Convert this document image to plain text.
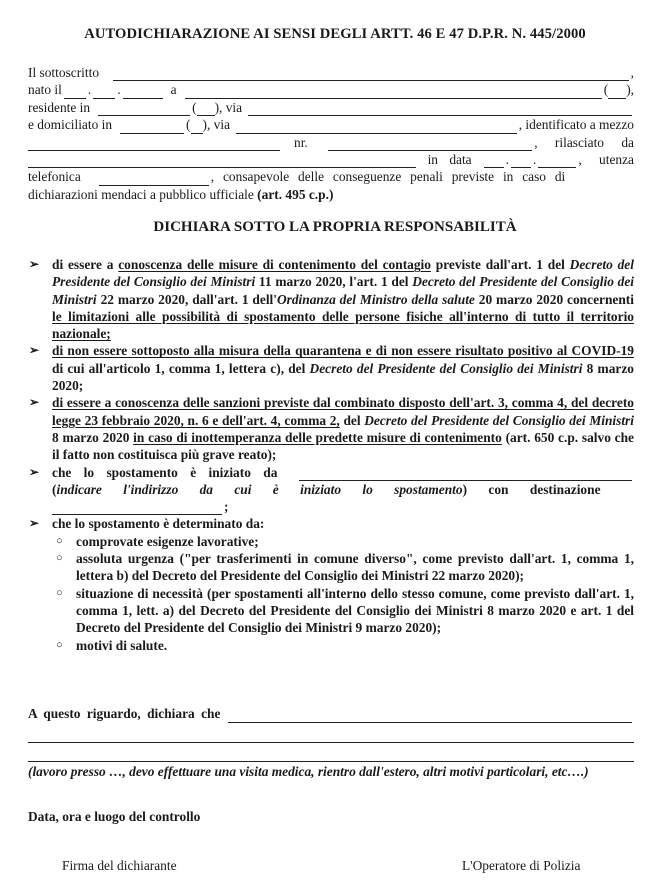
AUTODICHIARAZIONE AI SENSI DEGLI ARTT. 46 E 47 D.P.R. N. 445/2000
Il sottoscritto	,
nato il . .	a	( ),
residente in	( ), via
e domiciliato in	( ), via	, identificato a mezzo
nr.	, rilasciato da
in data	. .	, utenza
telefonica	, consapevole delle conseguenze penali previste in caso di
dichiarazioni mendaci a pubblico ufficiale
(art. 495 c.p.)
DICHIARA SOTTO LA PROPRIA RESPONSABILITÀ
➢ di essere a conoscenza delle misure di contenimento del contagio previste dall'art. 1 del Decreto del Presidente del Consiglio dei Ministri 11 marzo 2020, l'art. 1 del Decreto del Presidente del Consiglio dei Ministri 22 marzo 2020, dall'art. 1 dell'Ordinanza del Ministro della salute 20 marzo 2020 concernenti le limitazioni alle possibilità di spostamento delle persone fisiche all'interno di tutto il territorio nazionale;
➢ di non essere sottoposto alla misura della quarantena e di non essere risultato positivo al COVID-19 di cui all'articolo 1, comma 1, lettera c), del Decreto del Presidente del Consiglio dei Ministri 8 marzo 2020;
➢ di essere a conoscenza delle sanzioni previste dal combinato disposto dell'art. 3, comma 4, del decreto legge 23 febbraio 2020, n. 6 e dell'art. 4, comma 2, del Decreto del Presidente del Consiglio dei Ministri 8 marzo 2020 in caso di inottemperanza delle predette misure di contenimento (art. 650 c.p. salvo che il fatto non costituisca più grave reato);
➢ che lo spostamento è iniziato da
(indicare l'indirizzo da cui è iniziato lo spostamento) con destinazione
;
➢ che lo spostamento è determinato da:
○ comprovate esigenze lavorative;
○ assoluta urgenza ("per trasferimenti in comune diverso", come previsto dall'art. 1, comma 1, lettera b) del Decreto del Presidente del Consiglio dei Ministri 22 marzo 2020);
○ situazione di necessità (per spostamenti all'interno dello stesso comune, come previsto dall'art. 1, comma 1, lett. a) del Decreto del Presidente del Consiglio dei Ministri 8 marzo 2020 e art. 1 del Decreto del Presidente del Consiglio dei Ministri 9 marzo 2020);
○ motivi di salute.
A questo riguardo, dichiara che
(lavoro presso …, devo effettuare una visita medica, rientro dall'estero, altri motivi particolari, etc….)
Data, ora e luogo del controllo
Firma del dichiarante	L'Operatore di Polizia
